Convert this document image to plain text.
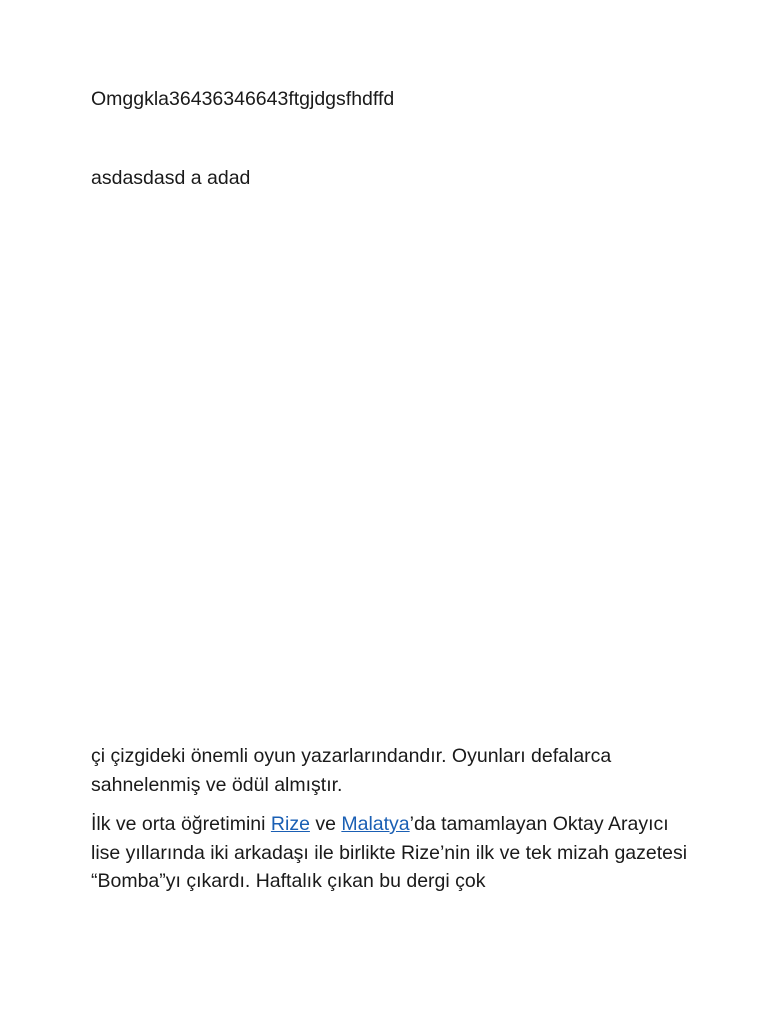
Omggkla36436346643ftgjdgsfhdffd

asdasdasd a adad

çi çizgideki önemli oyun yazarlarındandır. Oyunları defalarca sahnelenmiş ve ödül almıştır.

İlk ve orta öğretimini Rize ve Malatya’da tamamlayan Oktay Arayıcı lise yıllarında iki arkadaşı ile birlikte Rize’nin ilk ve tek mizah gazetesi “Bomba”yı çıkardı. Haftalık çıkan bu dergi çok
